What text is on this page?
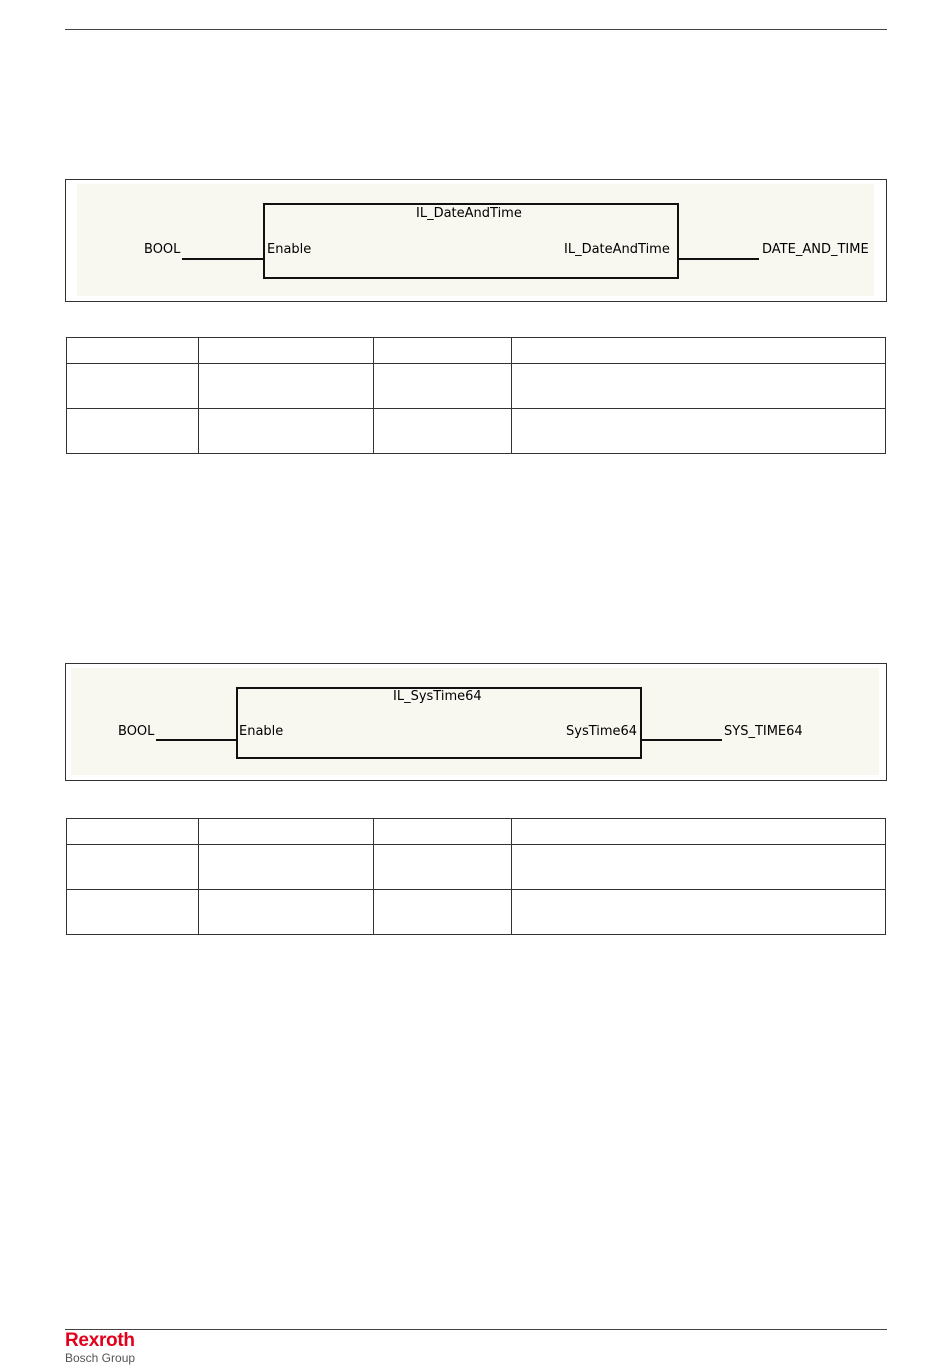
IL_DateAndTime
Enable	IL_DateAndTime
BOOL	DATE_AND_TIME

IL_SysTime64
Enable	SysTime64
BOOL	SYS_TIME64

Rexroth
Bosch Group
